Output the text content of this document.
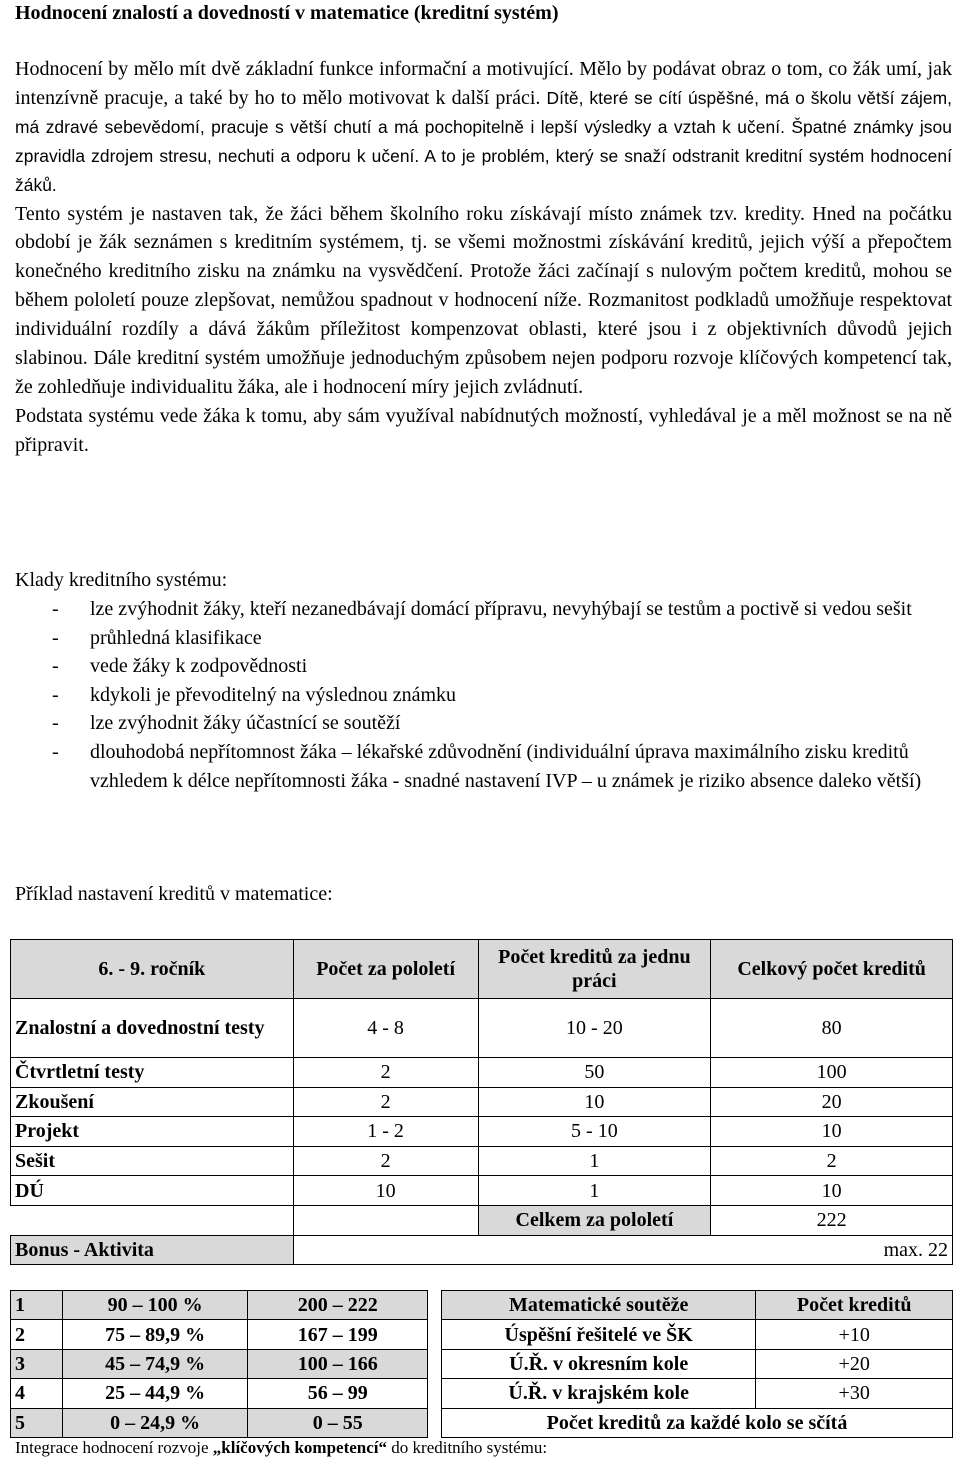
Hodnocení znalostí a dovedností v matematice (kreditní systém)

Hodnocení by mělo mít dvě základní funkce informační a motivující. Mělo by podávat obraz o tom, co žák umí, jak intenzívně pracuje, a také by ho to mělo motivovat k další práci. Dítě, které se cítí úspěšné, má o školu větší zájem, má zdravé sebevědomí, pracuje s větší chutí a má pochopitelně i lepší výsledky a vztah k učení. Špatné známky jsou zpravidla zdrojem stresu, nechuti a odporu k učení. A to je problém, který se snaží odstranit kreditní systém hodnocení žáků.

Tento systém je nastaven tak, že žáci během školního roku získávají místo známek tzv. kredity. Hned na počátku období je žák seznámen s kreditním systémem, tj. se všemi možnostmi získávání kreditů, jejich výší a přepočtem konečného kreditního zisku na známku na vysvědčení. Protože žáci začínají s nulovým počtem kreditů, mohou se během pololetí pouze zlepšovat, nemůžou spadnout v hodnocení níže. Rozmanitost podkladů umožňuje respektovat individuální rozdíly a dává žákům příležitost kompenzovat oblasti, které jsou i z objektivních důvodů jejich slabinou. Dále kreditní systém umožňuje jednoduchým způsobem nejen podporu rozvoje klíčových kompetencí tak, že zohledňuje individualitu žáka, ale i hodnocení míry jejich zvládnutí.

Podstata systému vede žáka k tomu, aby sám využíval nabídnutých možností, vyhledával je a měl možnost se na ně připravit.

Klady kreditního systému:
- lze zvýhodnit žáky, kteří nezanedbávají domácí přípravu, nevyhýbají se testům a poctivě si vedou sešit
- průhledná klasifikace
- vede žáky k zodpovědnosti
- kdykoli je převoditelný na výslednou známku
- lze zvýhodnit žáky účastnící se soutěží
- dlouhodobá nepřítomnost žáka – lékařské zdůvodnění (individuální úprava maximálního zisku kreditů vzhledem k délce nepřítomnosti žáka - snadné nastavení IVP – u známek je riziko absence daleko větší)
Příklad nastavení kreditů v matematice:
6. - 9. ročník	Počet za pololetí	Počet kreditů za jednu práci	Celkový počet kreditů
Znalostní a dovednostní testy	4 - 8	10 - 20	80
Čtvrtletní testy	2	50	100
Zkoušení	2	10	20
Projekt	1 - 2	5 - 10	10
Sešit	2	1	2
DÚ	10	1	10
		Celkem za pololetí	222
Bonus - Aktivita	max. 22		
1	90 – 100 %	200 – 222
2	75 – 89,9 %	167 – 199
3	45 – 74,9 %	100 – 166
4	25 – 44,9 %	56 – 99
5	0 – 24,9 %	0 – 55
Matematické soutěže	Počet kreditů
Úspěšní řešitelé ve ŠK	+10
Ú.Ř. v okresním kole	+20
Ú.Ř. v krajském kole	+30
Počet kreditů za každé kolo se sčítá	
Integrace hodnocení rozvoje „klíčových kompetencí“ do kreditního systému:
